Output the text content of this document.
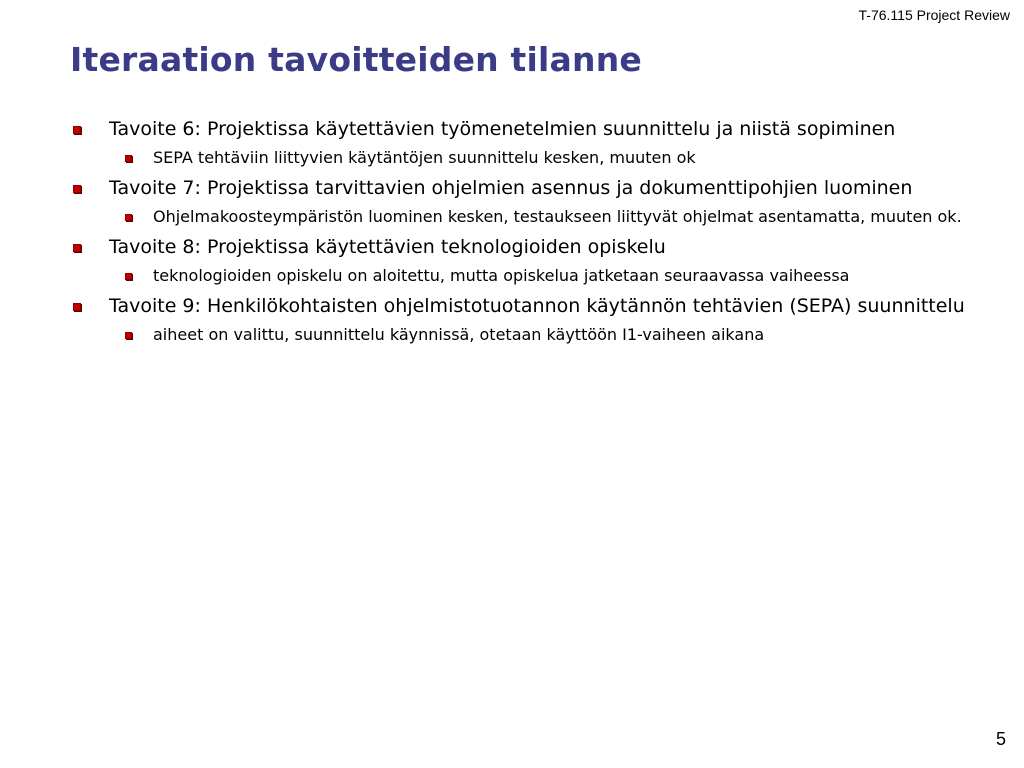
T-76.115 Project Review
Iteraation tavoitteiden tilanne
Tavoite 6: Projektissa käytettävien työmenetelmien suunnittelu ja niistä sopiminen
SEPA tehtäviin liittyvien käytäntöjen suunnittelu kesken, muuten ok
Tavoite 7: Projektissa tarvittavien ohjelmien asennus ja dokumenttipohjien luominen
Ohjelmakoosteympäristön luominen kesken, testaukseen liittyvät ohjelmat asentamatta, muuten ok.
Tavoite 8: Projektissa käytettävien teknologioiden opiskelu
teknologioiden opiskelu on aloitettu, mutta opiskelua jatketaan seuraavassa vaiheessa
Tavoite 9: Henkilökohtaisten ohjelmistotuotannon käytännön tehtävien (SEPA) suunnittelu
aiheet on valittu, suunnittelu käynnissä, otetaan käyttöön I1-vaiheen aikana
5
